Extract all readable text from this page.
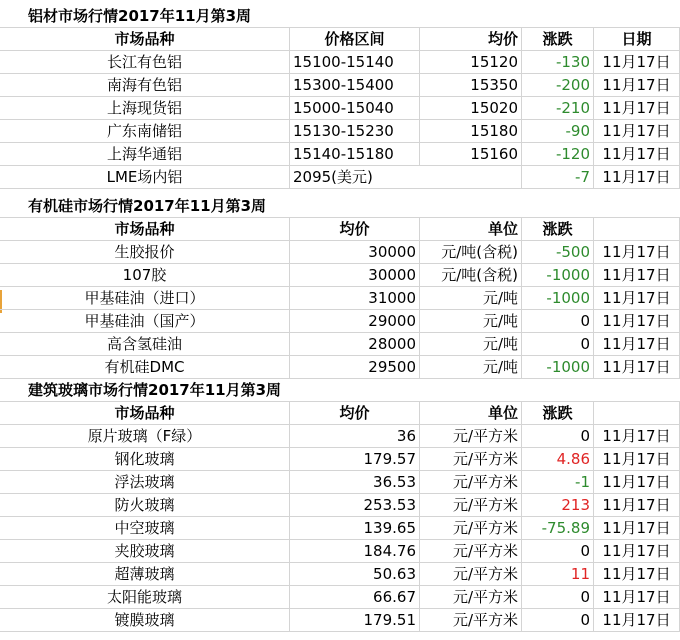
铝材市场行情2017年11月第3周
市场品种	价格区间	均价	涨跌	日期
长江有色铝	15100-15140	15120	-130 11月17日
南海有色铝	15300-15400	15350	-200 11月17日
上海现货铝	15000-15040	15020	-210 11月17日
广东南储铝	15130-15230	15180	-90 11月17日
上海华通铝	15140-15180	15160	-120 11月17日
LME场内铝	2095(美元)	-7 11月17日
有机硅市场行情2017年11月第3周
市场品种	均价	单位	涨跌
生胶报价	30000	元/吨(含税)	-500 11月17日
107胶	30000	元/吨(含税)	-1000 11月17日
甲基硅油（进口）	31000	元/吨	-1000 11月17日
甲基硅油（国产）	29000	元/吨	0 11月17日
高含氢硅油	28000	元/吨	0 11月17日
有机硅DMC	29500	元/吨	-1000 11月17日
建筑玻璃市场行情2017年11月第3周
市场品种	均价	单位	涨跌
原片玻璃（F绿）	36	元/平方米	0 11月17日
钢化玻璃	179.57	元/平方米	4.86 11月17日
浮法玻璃	36.53	元/平方米	-1 11月17日
防火玻璃	253.53	元/平方米	213 11月17日
中空玻璃	139.65	元/平方米	-75.89 11月17日
夹胶玻璃	184.76	元/平方米	0 11月17日
超薄玻璃	50.63	元/平方米	11 11月17日
太阳能玻璃	66.67	元/平方米	0 11月17日
镀膜玻璃	179.51	元/平方米	0 11月17日
